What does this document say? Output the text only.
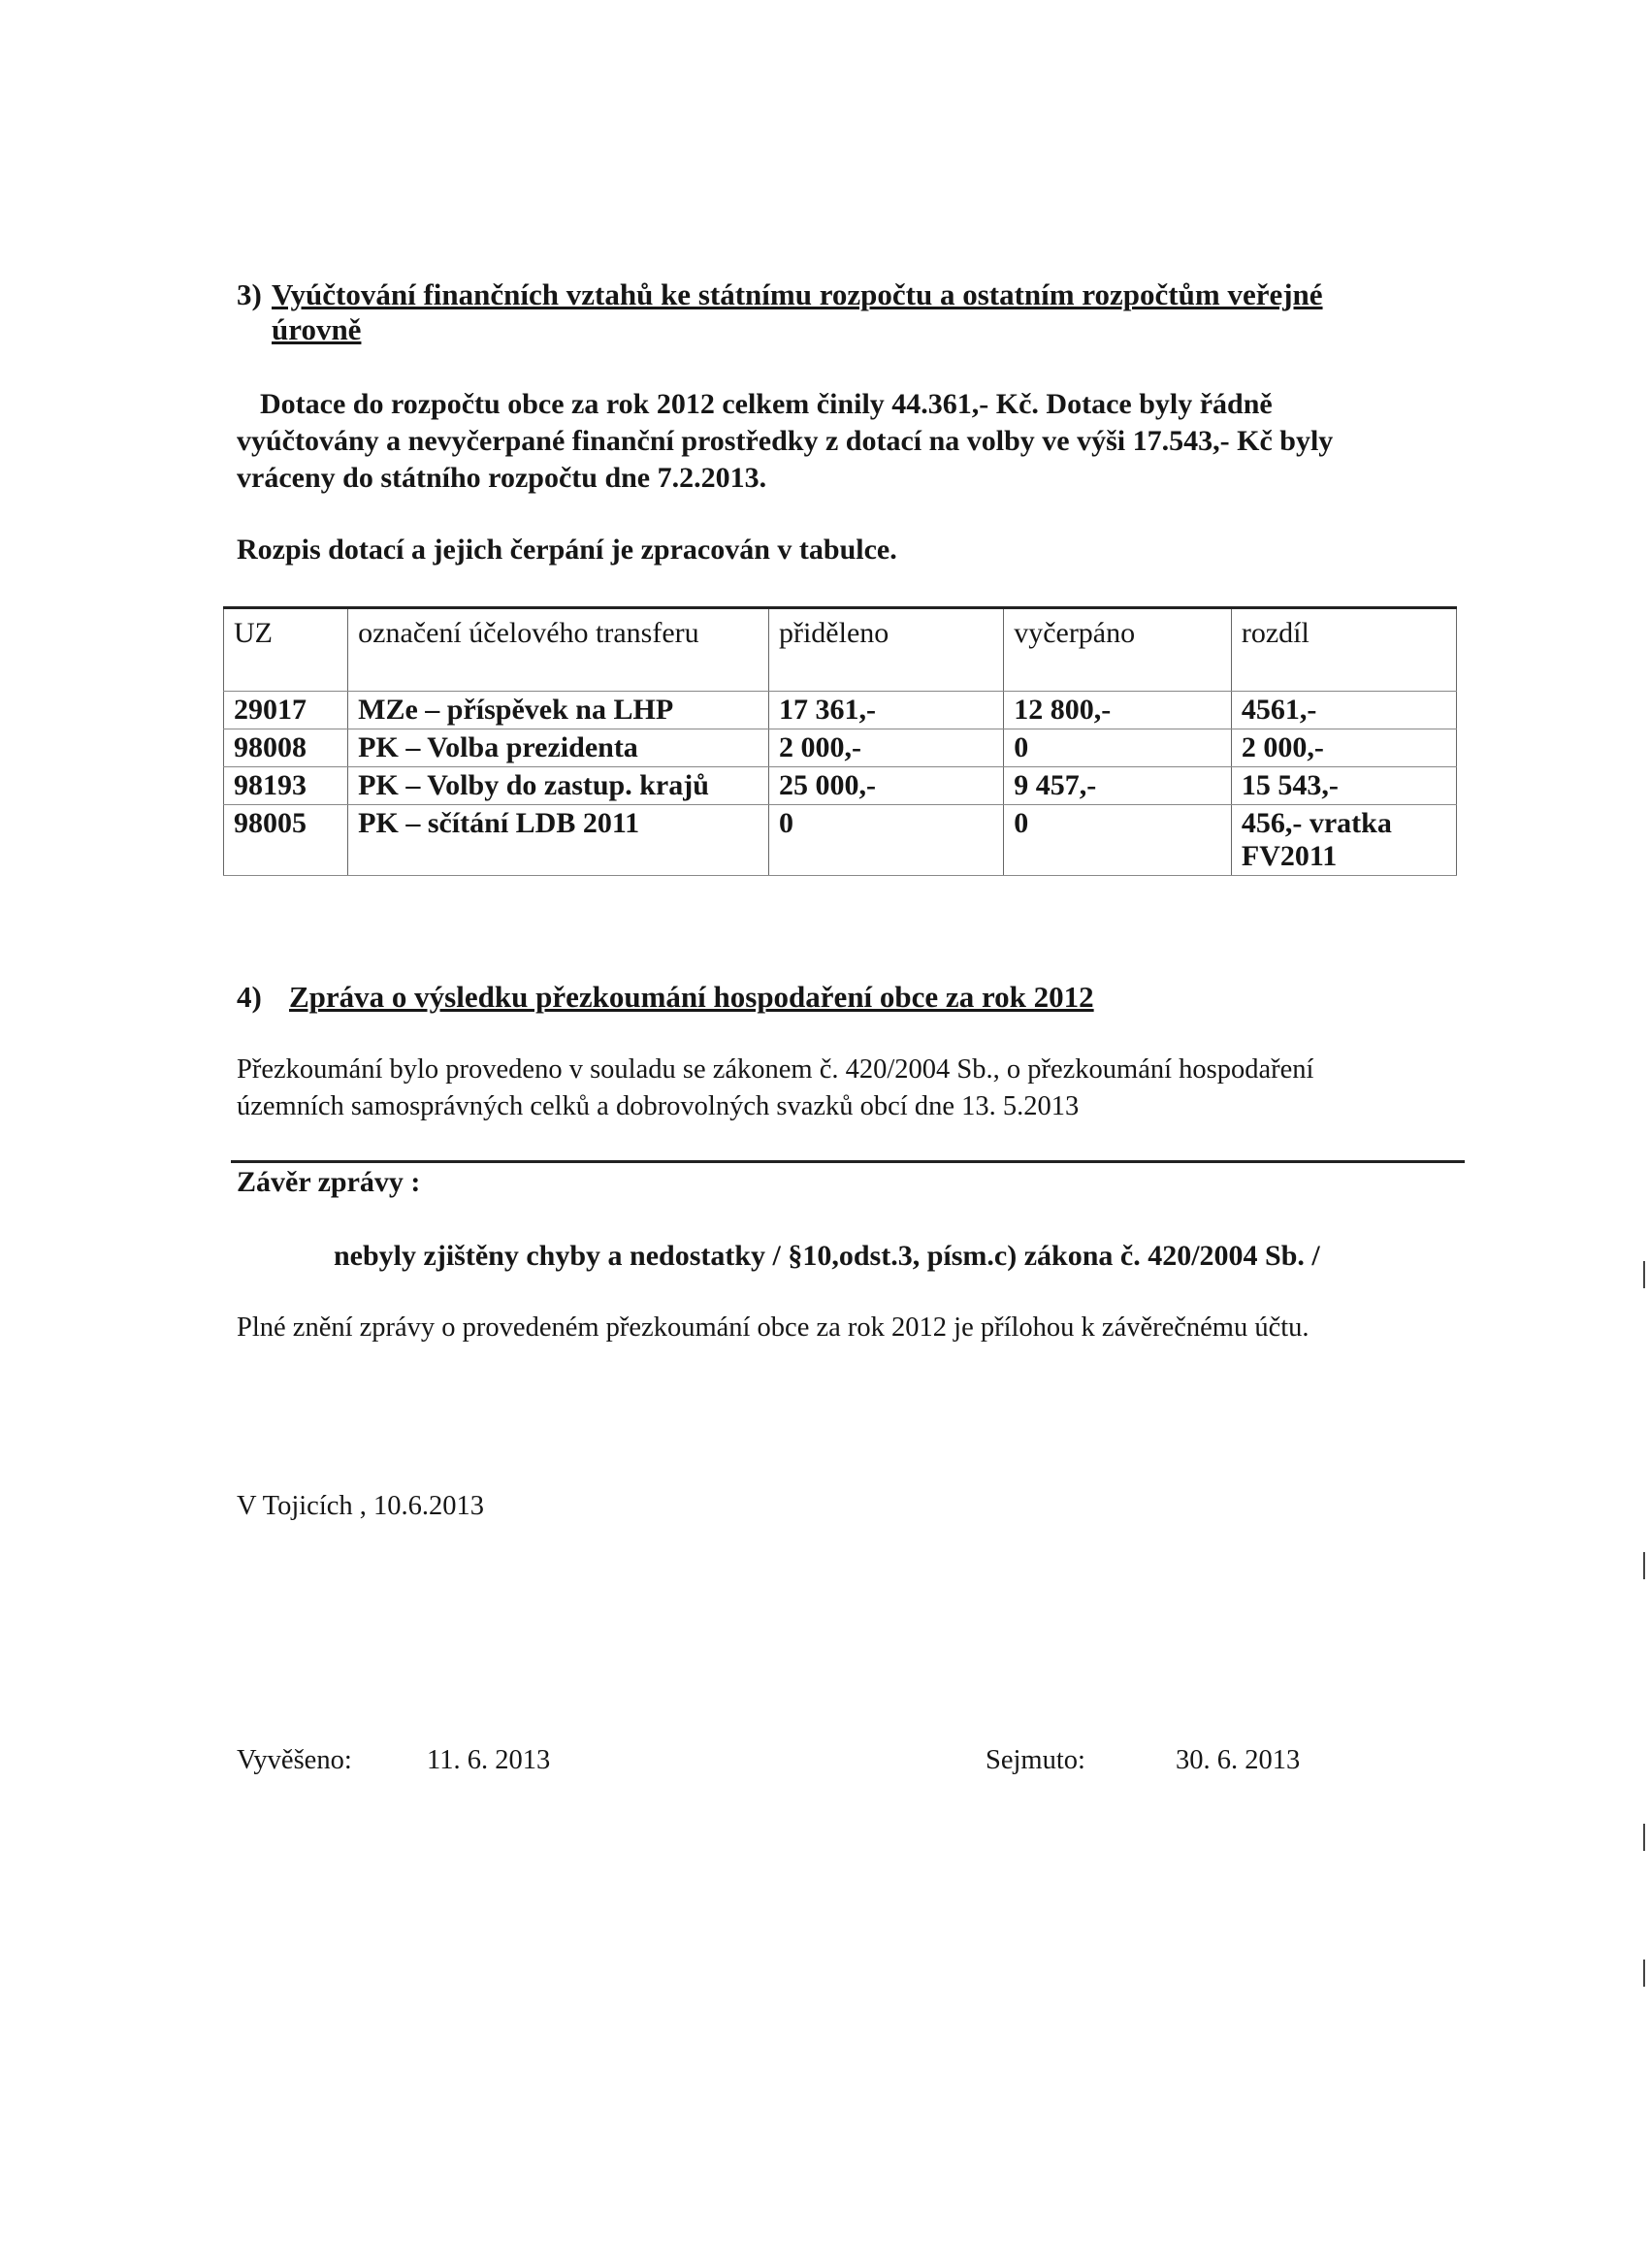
3) Vyúčtování finančních vztahů ke státnímu rozpočtu a ostatním rozpočtům veřejné úrovně
Dotace do rozpočtu obce za rok 2012 celkem činily 44.361,- Kč. Dotace byly řádně
vyúčtovány a nevyčerpané finanční prostředky z dotací na volby ve výši 17.543,- Kč byly
vráceny do státního rozpočtu dne 7.2.2013.
Rozpis dotací a jejich čerpání je zpracován v tabulce.
UZ	označení účelového transferu	přiděleno	vyčerpáno	rozdíl
29017	MZe – příspěvek na LHP	17 361,-	12 800,-	4561,-
98008	PK – Volba prezidenta	2 000,-	0	2 000,-
98193	PK – Volby do zastup. krajů	25 000,-	9 457,-	15 543,-
98005	PK – sčítání LDB 2011	0	0	456,- vratka FV2011
4) Zpráva o výsledku přezkoumání hospodaření obce za rok 2012
Přezkoumání bylo provedeno v souladu se zákonem č. 420/2004 Sb., o přezkoumání hospodaření
územních samosprávných celků a dobrovolných svazků obcí dne 13. 5.2013
Závěr zprávy :
nebyly zjištěny chyby a nedostatky / §10,odst.3, písm.c) zákona č. 420/2004 Sb. /
Plné znění zprávy o provedeném přezkoumání obce za rok 2012 je přílohou k závěrečnému účtu.
V Tojicích , 10.6.2013
Vyvěšeno:	11. 6. 2013	Sejmuto:	30. 6. 2013
